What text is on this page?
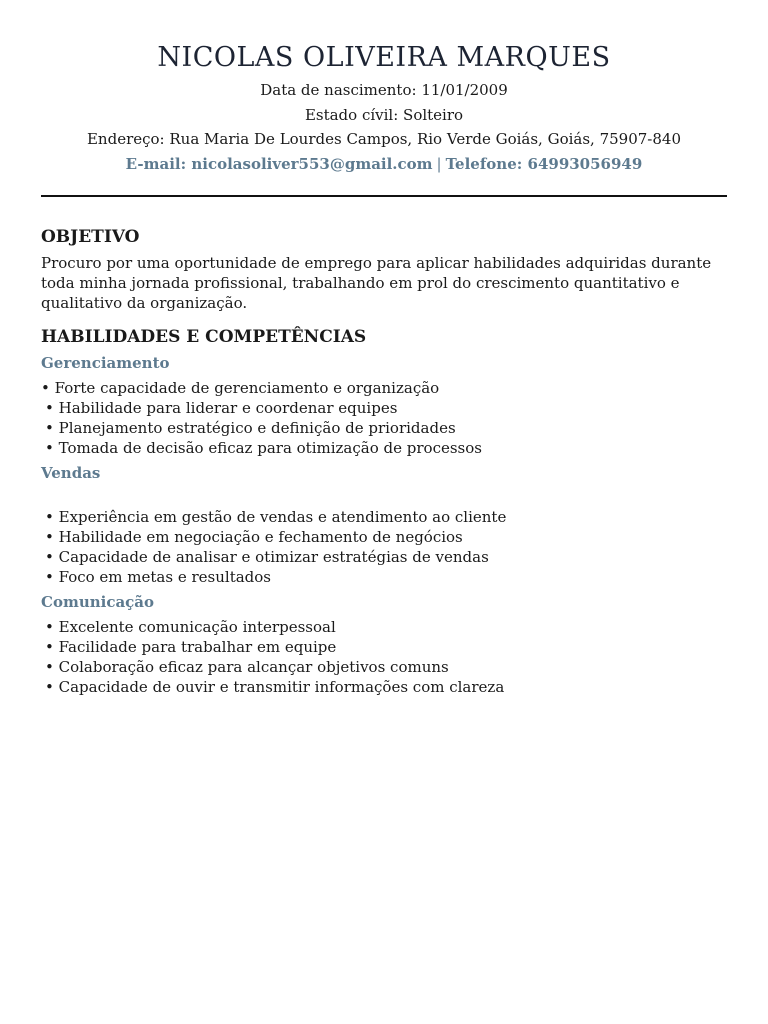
NICOLAS OLIVEIRA MARQUES
Data de nascimento: 11/01/2009
Estado cívil: Solteiro
Endereço: Rua Maria De Lourdes Campos, Rio Verde Goiás, Goiás, 75907-840
E-mail: nicolasoliver553@gmail.com | Telefone: 64993056949
OBJETIVO

Procuro por uma oportunidade de emprego para aplicar habilidades adquiridas durante toda minha jornada profissional, trabalhando em prol do crescimento quantitativo e qualitativo da organização.

HABILIDADES E COMPETÊNCIAS
Gerenciamento
• Forte capacidade de gerenciamento e organização
• Habilidade para liderar e coordenar equipes
• Planejamento estratégico e definição de prioridades
• Tomada de decisão eficaz para otimização de processos
Vendas
• Experiência em gestão de vendas e atendimento ao cliente
• Habilidade em negociação e fechamento de negócios
• Capacidade de analisar e otimizar estratégias de vendas
• Foco em metas e resultados
Comunicação
• Excelente comunicação interpessoal
• Facilidade para trabalhar em equipe
• Colaboração eficaz para alcançar objetivos comuns
• Capacidade de ouvir e transmitir informações com clareza
